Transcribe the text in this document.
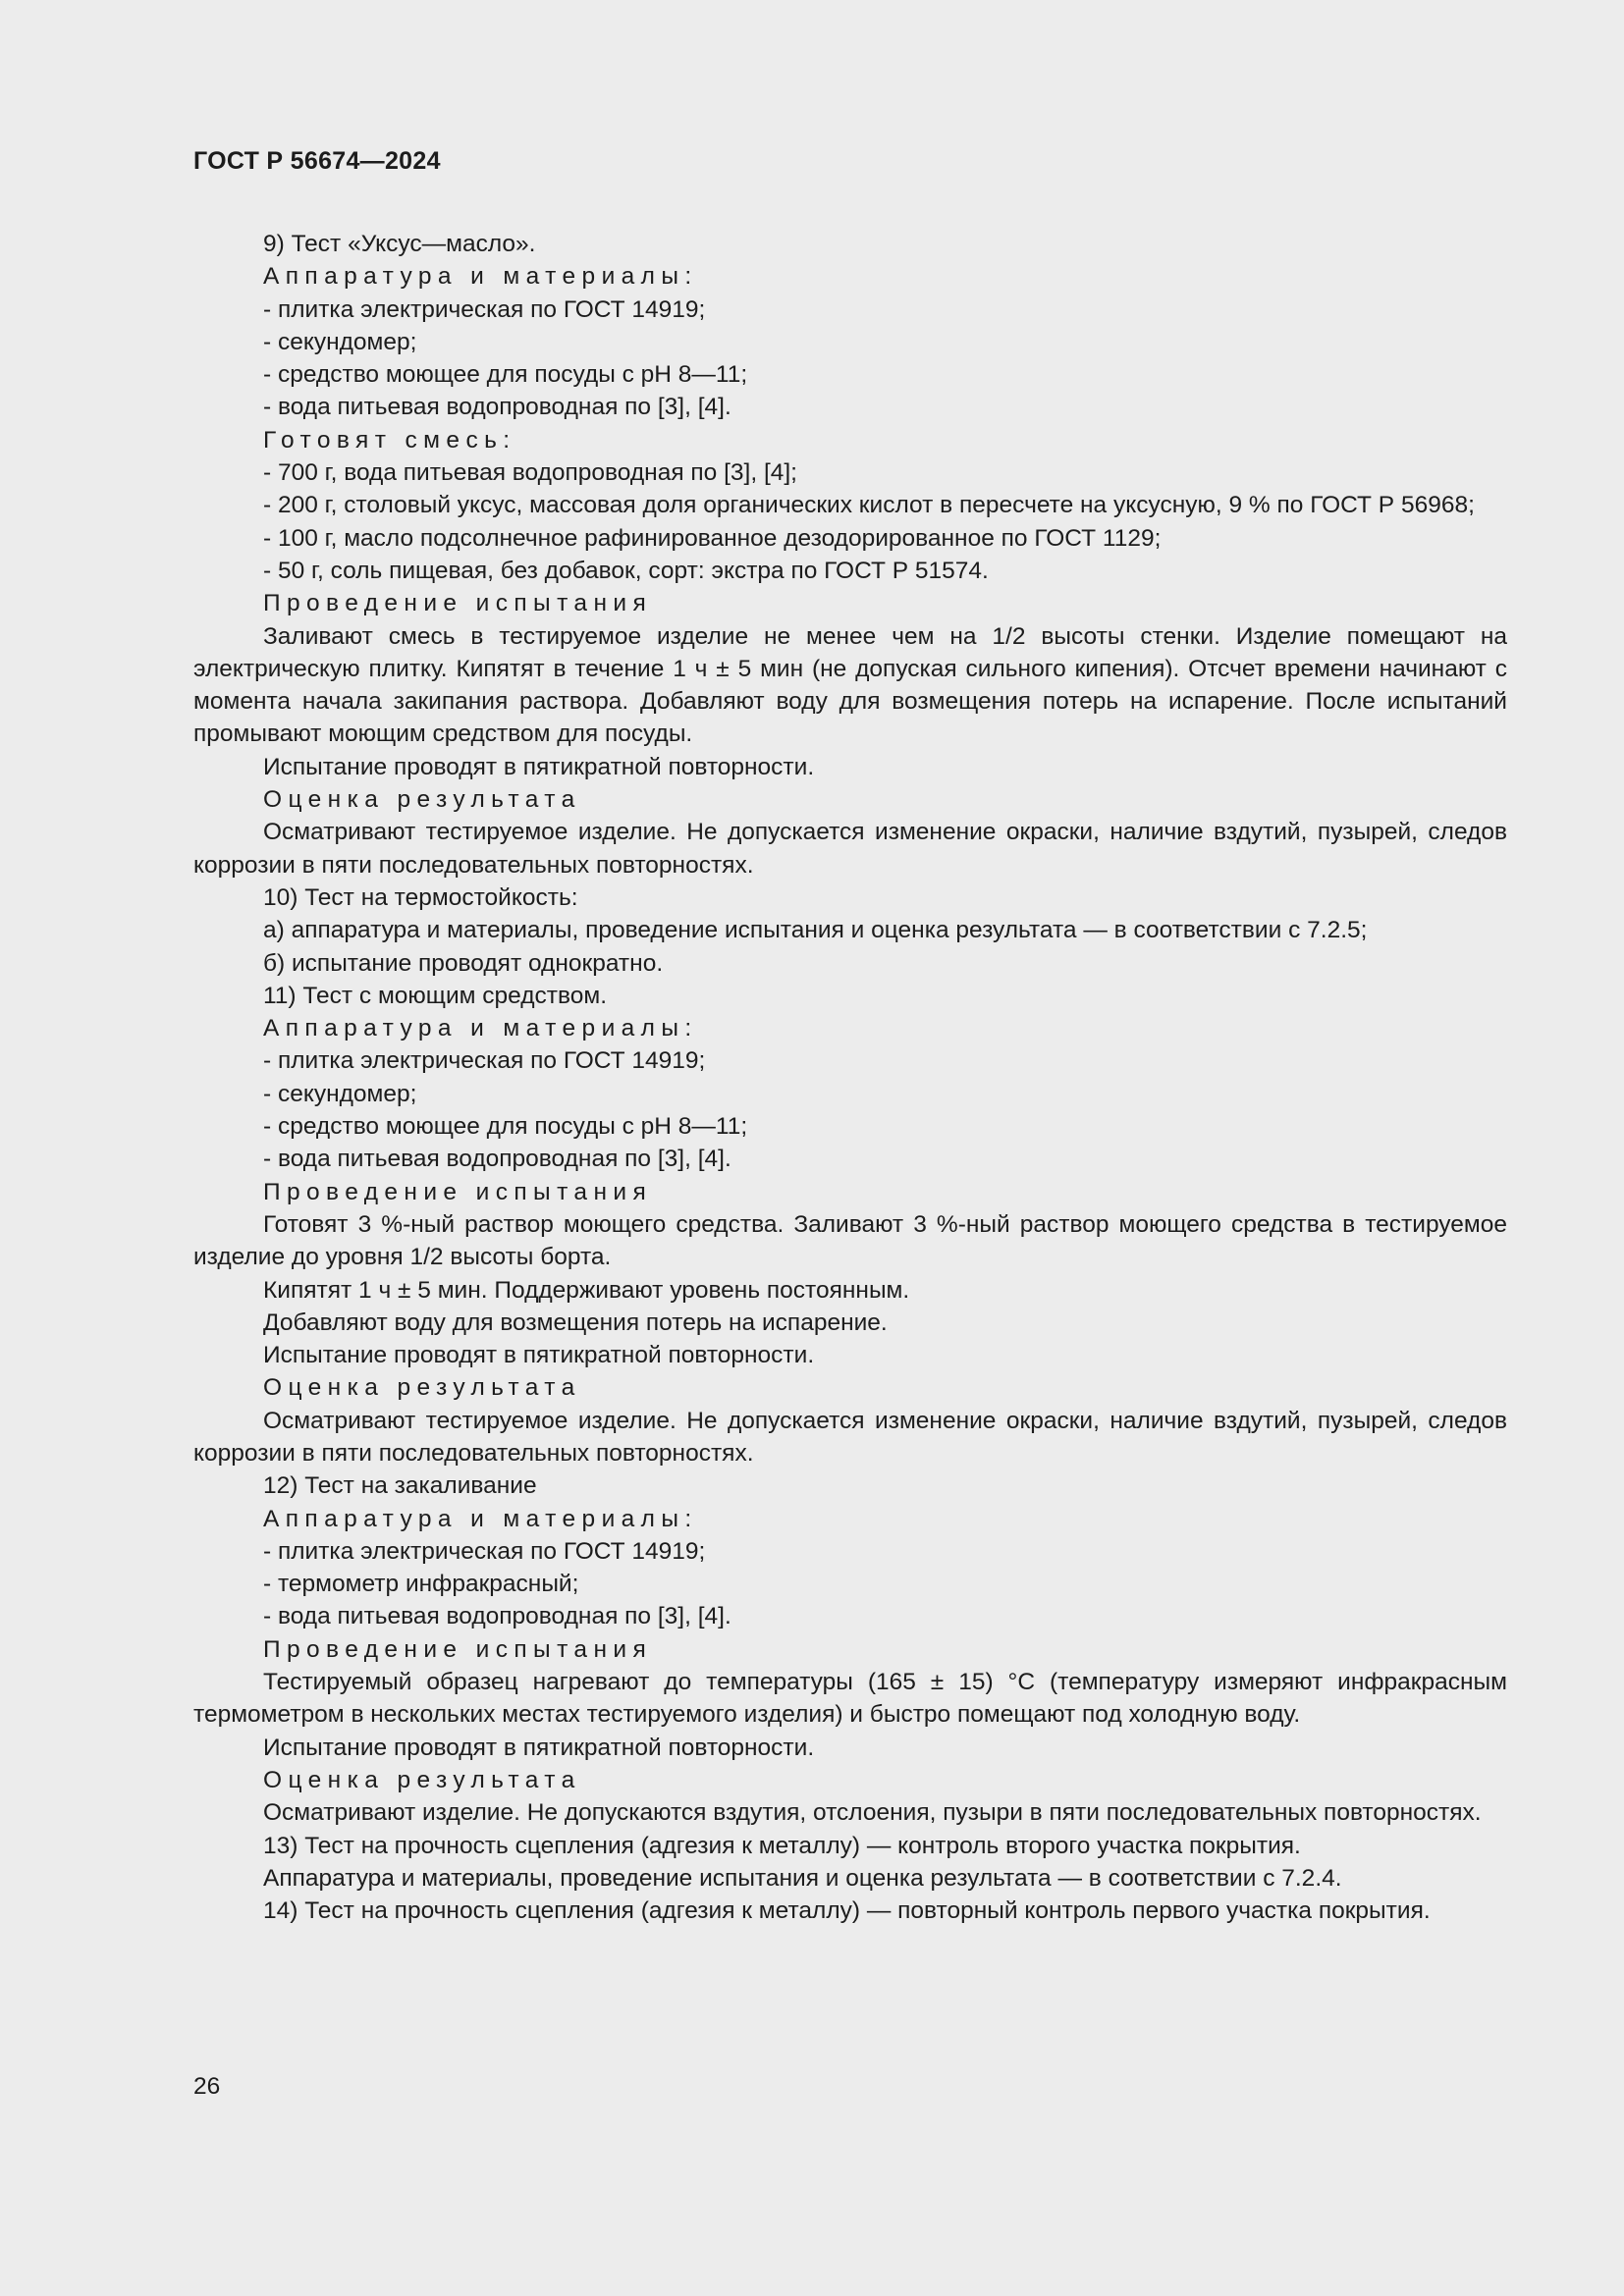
ГОСТ Р 56674—2024

9) Тест «Уксус—масло».

Аппаратура и материалы:

- плитка электрическая по ГОСТ 14919;

- секундомер;

- средство моющее для посуды с pH 8—11;

- вода питьевая водопроводная по [3], [4].

Готовят смесь:

- 700 г, вода питьевая водопроводная по [3], [4];

- 200 г, столовый уксус, массовая доля органических кислот в пересчете на уксусную, 9 % по ГОСТ Р 56968;

- 100 г, масло подсолнечное рафинированное дезодорированное по ГОСТ 1129;

- 50 г, соль пищевая, без добавок, сорт: экстра по ГОСТ Р 51574.

Проведение испытания

Заливают смесь в тестируемое изделие не менее чем на 1/2 высоты стенки. Изделие помещают на электрическую плитку. Кипятят в течение 1 ч ± 5 мин (не допуская сильного кипения). Отсчет времени начинают с момента начала закипания раствора. Добавляют воду для возмещения потерь на испарение. После испытаний промывают моющим средством для посуды.

Испытание проводят в пятикратной повторности.

Оценка результата

Осматривают тестируемое изделие. Не допускается изменение окраски, наличие вздутий, пузырей, следов коррозии в пяти последовательных повторностях.

10) Тест на термостойкость:

а) аппаратура и материалы, проведение испытания и оценка результата — в соответствии с 7.2.5;

б) испытание проводят однократно.

11) Тест с моющим средством.

Аппаратура и материалы:

- плитка электрическая по ГОСТ 14919;

- секундомер;

- средство моющее для посуды с pH 8—11;

- вода питьевая водопроводная по [3], [4].

Проведение испытания

Готовят 3 %-ный раствор моющего средства. Заливают 3 %-ный раствор моющего средства в тестируемое изделие до уровня 1/2 высоты борта.

Кипятят 1 ч ± 5 мин. Поддерживают уровень постоянным.

Добавляют воду для возмещения потерь на испарение.

Испытание проводят в пятикратной повторности.

Оценка результата

Осматривают тестируемое изделие. Не допускается изменение окраски, наличие вздутий, пузырей, следов коррозии в пяти последовательных повторностях.

12) Тест на закаливание

Аппаратура и материалы:

- плитка электрическая по ГОСТ 14919;

- термометр инфракрасный;

- вода питьевая водопроводная по [3], [4].

Проведение испытания

Тестируемый образец нагревают до температуры (165 ± 15) °С (температуру измеряют инфракрасным термометром в нескольких местах тестируемого изделия) и быстро помещают под холодную воду.

Испытание проводят в пятикратной повторности.

Оценка результата

Осматривают изделие. Не допускаются вздутия, отслоения, пузыри в пяти последовательных повторностях.

13) Тест на прочность сцепления (адгезия к металлу) — контроль второго участка покрытия.

Аппаратура и материалы, проведение испытания и оценка результата — в соответствии с 7.2.4.

14) Тест на прочность сцепления (адгезия к металлу) — повторный контроль первого участка покрытия.

26
